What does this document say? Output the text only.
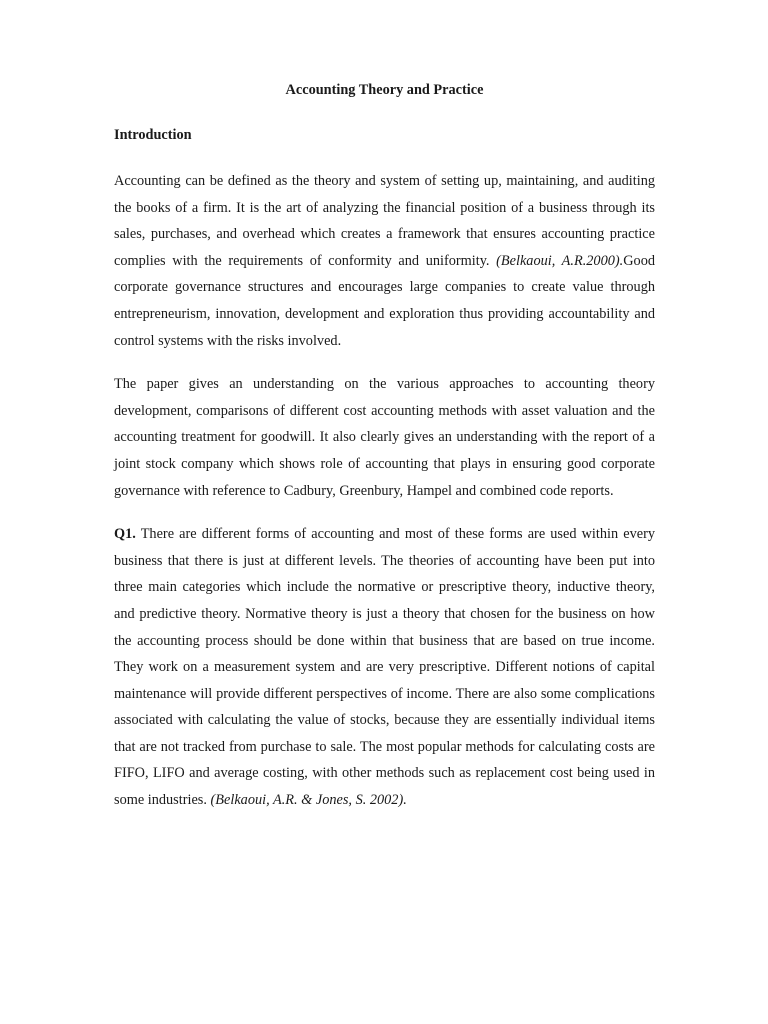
Accounting Theory and Practice
Introduction

Accounting can be defined as the theory and system of setting up, maintaining, and auditing the books of a firm. It is the art of analyzing the financial position of a business through its sales, purchases, and overhead which creates a framework that ensures accounting practice complies with the requirements of conformity and uniformity. (Belkaoui, A.R.2000).Good corporate governance structures and encourages large companies to create value through entrepreneurism, innovation, development and exploration thus providing accountability and control systems with the risks involved.

The paper gives an understanding on the various approaches to accounting theory development, comparisons of different cost accounting methods with asset valuation and the accounting treatment for goodwill. It also clearly gives an understanding with the report of a joint stock company which shows role of accounting that plays in ensuring good corporate governance with reference to Cadbury, Greenbury, Hampel and combined code reports.

Q1. There are different forms of accounting and most of these forms are used within every business that there is just at different levels. The theories of accounting have been put into three main categories which include the normative or prescriptive theory, inductive theory, and predictive theory. Normative theory is just a theory that chosen for the business on how the accounting process should be done within that business that are based on true income. They work on a measurement system and are very prescriptive. Different notions of capital maintenance will provide different perspectives of income. There are also some complications associated with calculating the value of stocks, because they are essentially individual items that are not tracked from purchase to sale. The most popular methods for calculating costs are FIFO, LIFO and average costing, with other methods such as replacement cost being used in some industries. (Belkaoui, A.R. & Jones, S. 2002).
